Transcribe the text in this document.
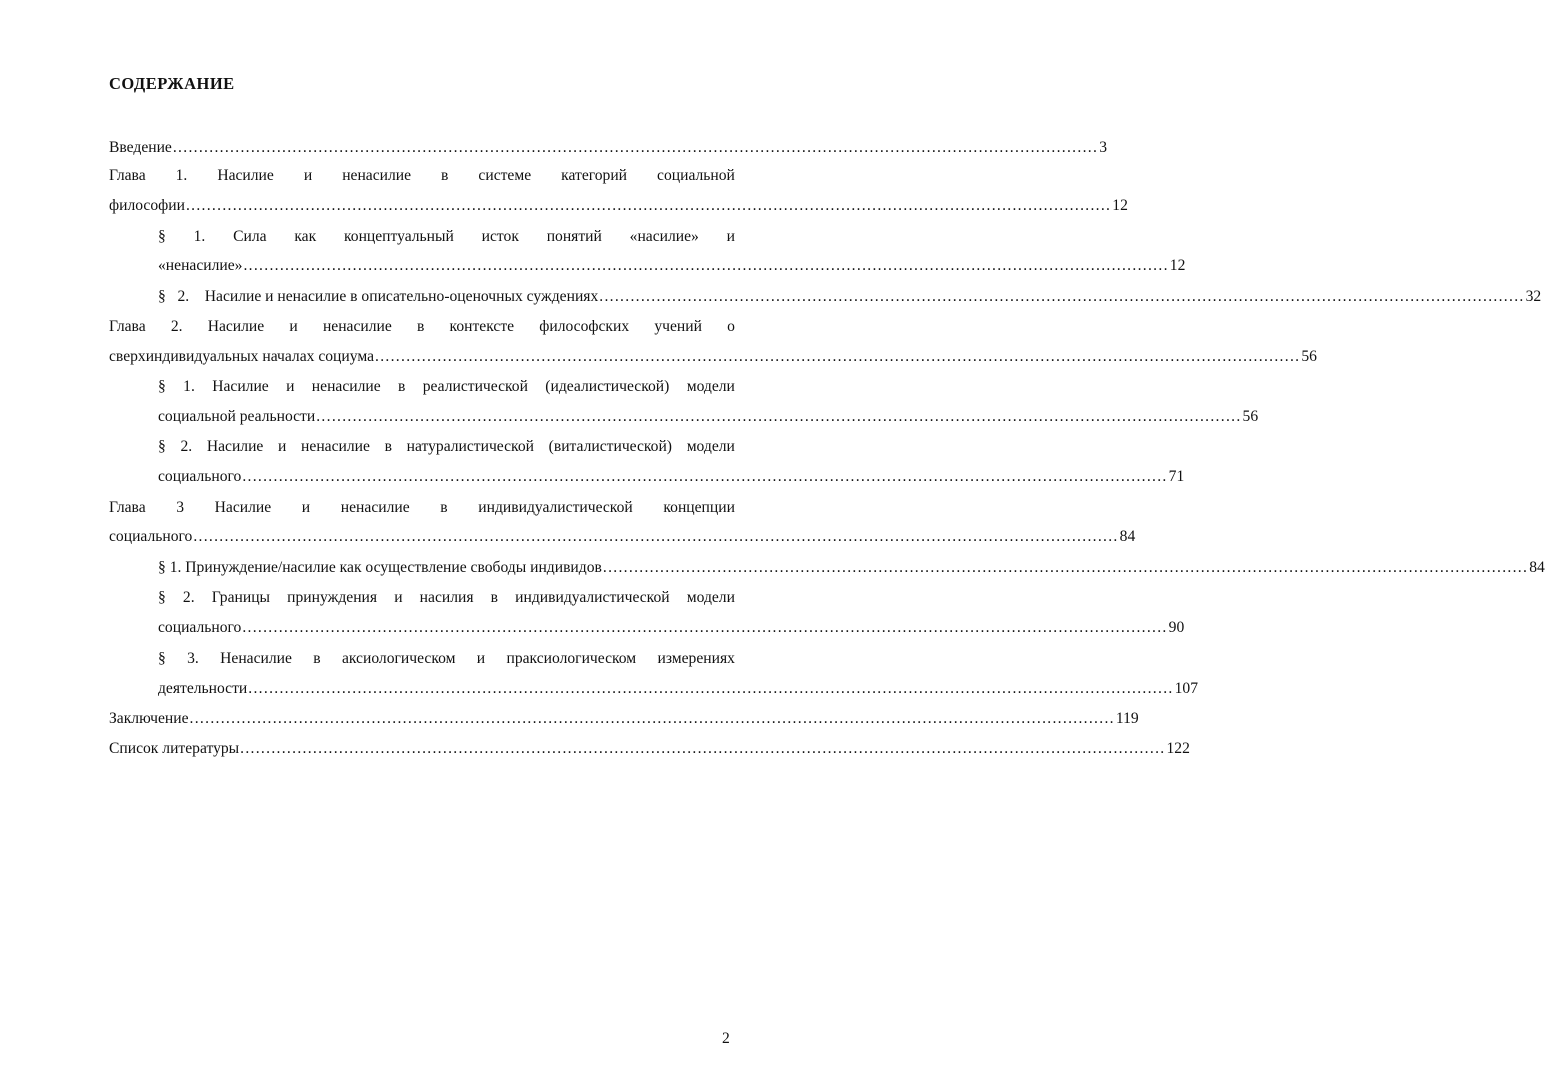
СОДЕРЖАНИЕ
Введение .................................................................................................................................................................................. 3
Глава 1. Насилие и ненасилие в системе категорий социальной
философии .................................................................................................................................................................................. 12
§ 1. Сила как концептуальный исток понятий «насилие» и
«ненасилие» .................................................................................................................................................................................. 12
§   2.    Насилие и ненасилие в описательно-оценочных суждениях .................................................................................................................................................................................. 32
Глава 2. Насилие и ненасилие в контексте философских учений о
сверхиндивидуальных началах социума .................................................................................................................................................................................. 56
§ 1. Насилие и ненасилие в реалистической (идеалистической) модели
социальной реальности .................................................................................................................................................................................. 56
§ 2. Насилие и ненасилие в натуралистической (виталистической) модели
социального .................................................................................................................................................................................. 71
Глава 3 Насилие и ненасилие в индивидуалистической концепции
социального .................................................................................................................................................................................. 84
§ 1. Принуждение/насилие как осуществление свободы индивидов .................................................................................................................................................................................. 84
§ 2. Границы принуждения и насилия в индивидуалистической модели
социального .................................................................................................................................................................................. 90
§ 3. Ненасилие в аксиологическом и праксиологическом измерениях
деятельности .................................................................................................................................................................................. 107
Заключение .................................................................................................................................................................................. 119
Список литературы .................................................................................................................................................................................. 122
2
